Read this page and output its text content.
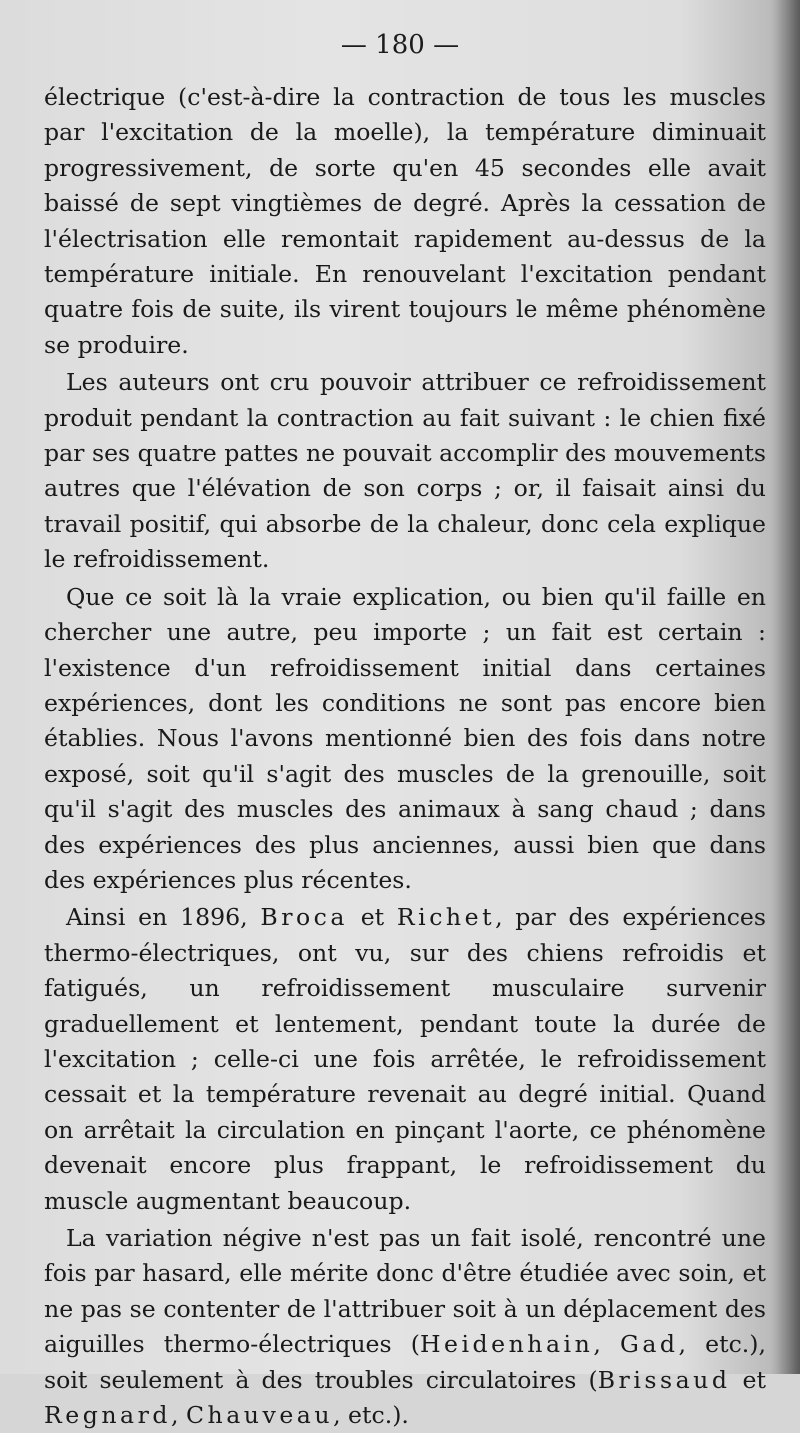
— 180 —

électrique (c'est-à-dire la contraction de tous les muscles par l'excitation de la moelle), la température diminuait progressivement, de sorte qu'en 45 secondes elle avait baissé de sept vingtièmes de degré. Après la cessation de l'électrisation elle remontait rapidement au-dessus de la température initiale. En renouvelant l'excitation pendant quatre fois de suite, ils virent toujours le même phénomène se produire.

Les auteurs ont cru pouvoir attribuer ce refroidissement produit pendant la contraction au fait suivant : le chien fixé par ses quatre pattes ne pouvait accomplir des mouvements autres que l'élévation de son corps ; or, il faisait ainsi du travail positif, qui absorbe de la chaleur, donc cela explique le refroidissement.

Que ce soit là la vraie explication, ou bien qu'il faille en chercher une autre, peu importe ; un fait est certain : l'existence d'un refroidissement initial dans certaines expériences, dont les conditions ne sont pas encore bien établies. Nous l'avons mentionné bien des fois dans notre exposé, soit qu'il s'agit des muscles de la grenouille, soit qu'il s'agit des muscles des animaux à sang chaud ; dans des expériences des plus anciennes, aussi bien que dans des expériences plus récentes.

Ainsi en 1896, Broca et Richet, par des expériences thermo-électriques, ont vu, sur des chiens refroidis et fatigués, un refroidissement musculaire survenir graduellement et lentement, pendant toute la durée de l'excitation ; celle-ci une fois arrêtée, le refroidissement cessait et la température revenait au degré initial. Quand on arrêtait la circulation en pinçant l'aorte, ce phénomène devenait encore plus frappant, le refroidissement du muscle augmentant beaucoup.

La variation négive n'est pas un fait isolé, rencontré une fois par hasard, elle mérite donc d'être étudiée avec soin, et ne pas se contenter de l'attribuer soit à un déplacement des aiguilles thermo-électriques (Heidenhain, Gad, etc.), soit seulement à des troubles circulatoires (Brissaud et Regnard, Chauveau, etc.).
